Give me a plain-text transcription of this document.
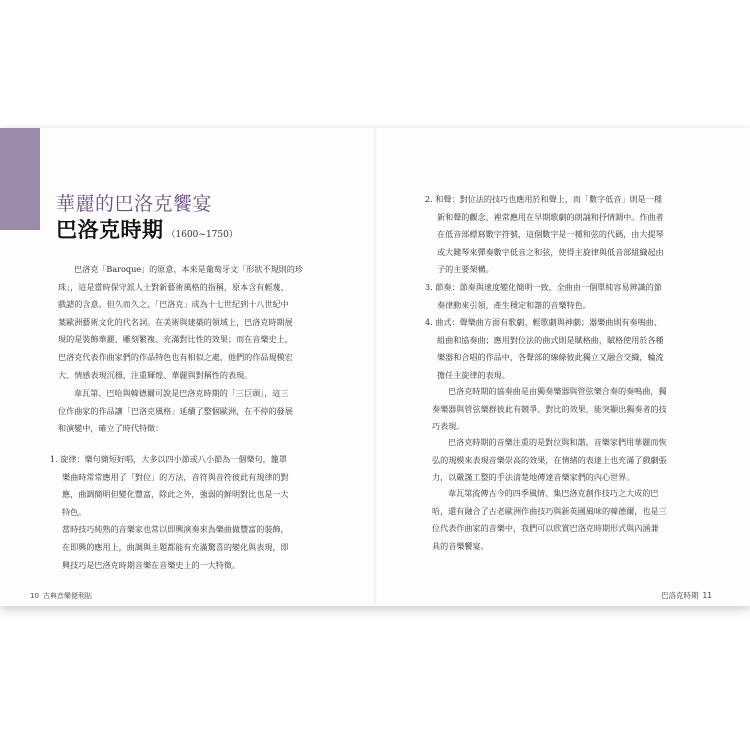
華麗的巴洛克饗宴
巴洛克時期 （1600~1750）
巴洛克「Baroque」的原意，本來是葡萄牙文「形狀不規則的珍
珠」，這是當時保守派人士對新藝術風格的指稱，原本含有輕蔑、
戲謔的含意。但久而久之，「巴洛克」成為十七世紀到十八世紀中
葉歐洲藝術文化的代名詞。在美術與建築的領域上，巴洛克時期展
現的是裝飾華麗、雕刻繁複、充滿對比性的效果；而在音樂史上，
巴洛克代表作曲家們的作品特色也有相似之處，他們的作品規模宏
大、情感表現沉穩，注重輝煌、華麗與對稱性的表現。
韋瓦第、巴哈與韓德爾可說是巴洛克時期的「三巨頭」，這三
位作曲家的作品讓「巴洛克風格」延續了整個歐洲，在不停的發展
和演變中，確立了時代特徵：
1. 旋律：樂句簡短好唱，大多以四小節或八小節為一個樂句，籠罩
樂曲時常常應用了「對位」的方法，音符與音符彼此有規律的對
應，曲調簡明但變化豐富，除此之外，強弱的鮮明對比也是一大
特色。
當時技巧純熟的音樂家也常以即興演奏來為樂曲做豐富的裝飾，
在即興的應用上，曲調與主題都能有充滿驚喜的變化與表現，即
興技巧是巴洛克時期音樂在音樂史上的一大特徵。
10 古典音樂便利貼
2. 和聲：對位法的技巧也應用於和聲上，而「數字低音」則是一種
新和聲的觀念，裡常應用在早期歌劇的朗誦和抒情調中。作曲者
在低音部標寫數字符號，這個數字是一種和弦的代碼，由大提琴
或大鍵琴來彈奏數字低音之和弦，使得主旋律與低音部組織起由
子的主要架構。
3. 節奏：節奏與速度變化簡明一致，全曲由一個單純容易辨識的節
奏律動來引領，產生穩定和諧的音樂特色。
4. 曲式：聲樂曲方面有歌劇、輕歌劇與神劇；器樂曲則有奏鳴曲、
組曲和協奏曲；應用對位法的曲式則是賦格曲，賦格使用於各種
樂器和合唱的作品中，各聲部的線條彼此獨立又融合交織，輪流
擔任主旋律的表現。
巴洛克時期的協奏曲是由獨奏樂器與管弦樂合奏的奏鳴曲，獨
奏樂器與管弦樂群彼此有競爭、對比的效果，能突顯出獨奏者的技
巧表現。
巴洛克時期的音樂注重的是對位與和諧，音樂家們用華麗而恢
弘的規模來表現音樂崇高的效果，在情緒的表達上也充滿了戲劇張
力，以嚴謹工整的手法清楚地傳達音樂家們的內心世界。
韋瓦第流傳古今的四季風情、集巴洛克創作技巧之大成的巴
哈，還有融合了古老歐洲作曲技巧與新英國風味的韓德爾，也是三
位代表作曲家的音樂中，我們可以欣賞巴洛克時期形式與內涵兼
具的音樂饗宴。
巴洛克時期 11
